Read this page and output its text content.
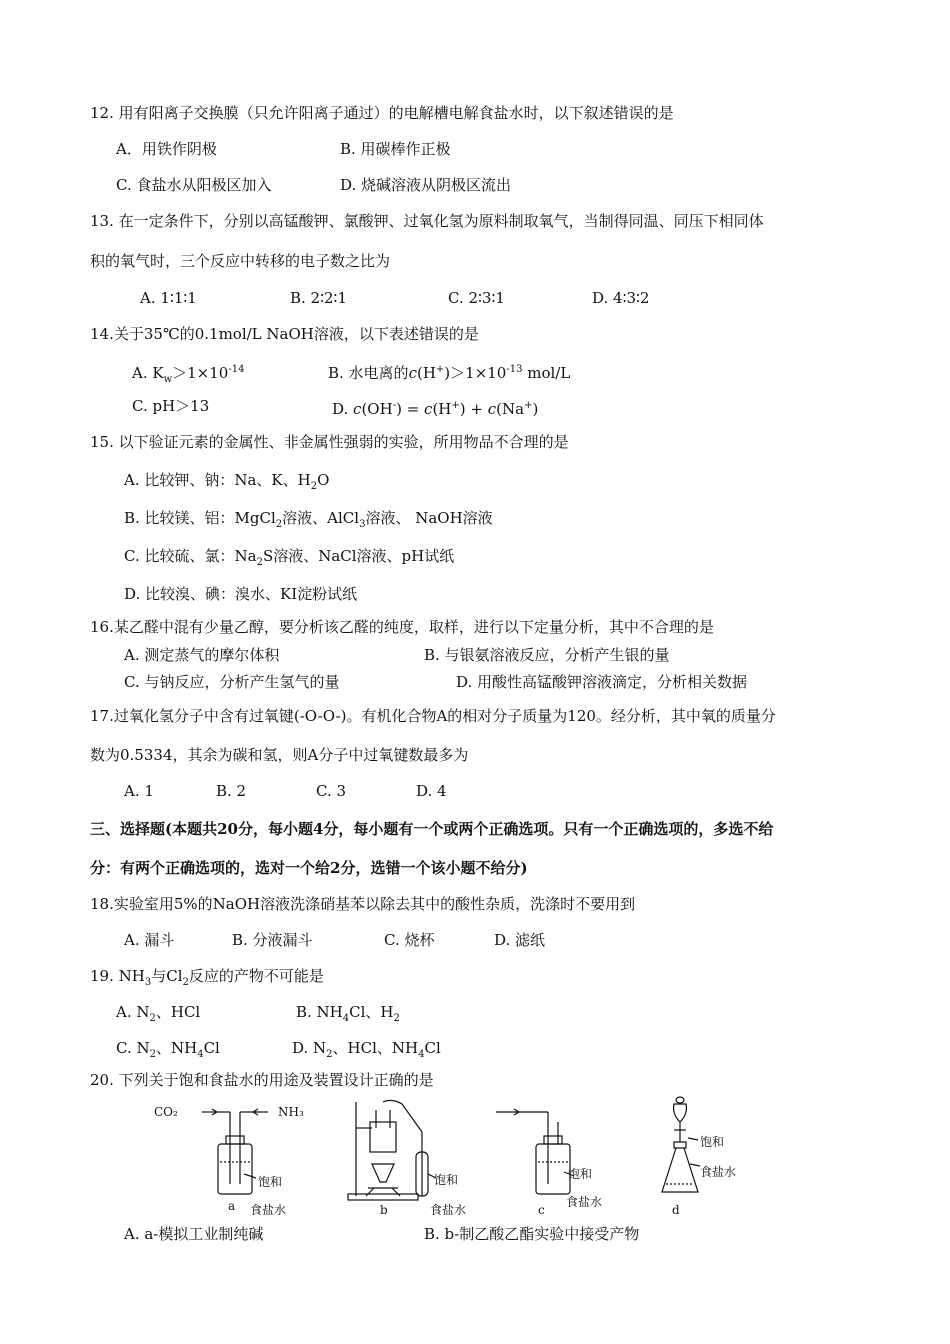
12. 用有阳离子交换膜（只允许阳离子通过）的电解槽电解食盐水时，以下叙述错误的是
A．用铁作阴极	B. 用碳棒作正极
C. 食盐水从阳极区加入	D. 烧碱溶液从阴极区流出
13. 在一定条件下，分别以高锰酸钾、氯酸钾、过氧化氢为原料制取氧气，当制得同温、同压下相同体
积的氧气时，三个反应中转移的电子数之比为
A. 1∶1∶1	B. 2∶2∶1	C. 2∶3∶1	D. 4∶3∶2
14.关于35℃的0.1mol/L NaOH溶液，以下表述错误的是
A. $K_w>1\times 10^{-14}$	B. 水电离的$c(H^+)>1\times 10^{-13}$ mol/L
C. pH＞13	D. c(OH-) = c(H+) + c(Na+)
15. 以下验证元素的金属性、非金属性强弱的实验，所用物品不合理的是
A. 比较钾、钠：Na、K、$H_2O$
B. 比较镁、铝：MgCl$_2$溶液、AlCl$_3$溶液、 NaOH溶液
C. 比较硫、氯：$Na_2S$溶液、NaCl溶液、pH试纸
D. 比较溴、碘：溴水、KI淀粉试纸
16.某乙醛中混有少量乙醇，要分析该乙醛的纯度，取样，进行以下定量分析，其中不合理的是
A. 测定蒸气的摩尔体积	B. 与银氨溶液反应，分析产生银的量
C. 与钠反应，分析产生氢气的量	D. 用酸性高锰酸钾溶液滴定，分析相关数据
17.过氧化氢分子中含有过氧键(-O-O-)。有机化合物A的相对分子质量为120。经分析，其中氧的质量分
数为0.5334，其余为碳和氢，则A分子中过氧键数最多为
A. 1	B. 2	C. 3	D. 4
三、选择题(本题共20分，每小题4分，每小题有一个或两个正确选项。只有一个正确选项的，多选不给
分：有两个正确选项的，选对一个给2分，选错一个该小题不给分)
18.实验室用5%的NaOH溶液洗涤硝基苯以除去其中的酸性杂质，洗涤时不要用到
A. 漏斗	B. 分液漏斗	C. 烧杯	D. 滤纸
19. $NH_3$与$Cl_2$反应的产物不可能是
A. $N_2$、HCl	B. $NH_4Cl$、$H_2$
C. $N_2$、$NH_4Cl$	D. $N_2$、HCl、$NH_4Cl$
20. 下列关于饱和食盐水的用途及装置设计正确的是
CO₂	NH₃
饱和
食盐水
a	b
饱和
食盐水
饱和
食盐水
c
饱和
食盐水
d
A. a-模拟工业制纯碱	B. b-制乙酸乙酯实验中接受产物
